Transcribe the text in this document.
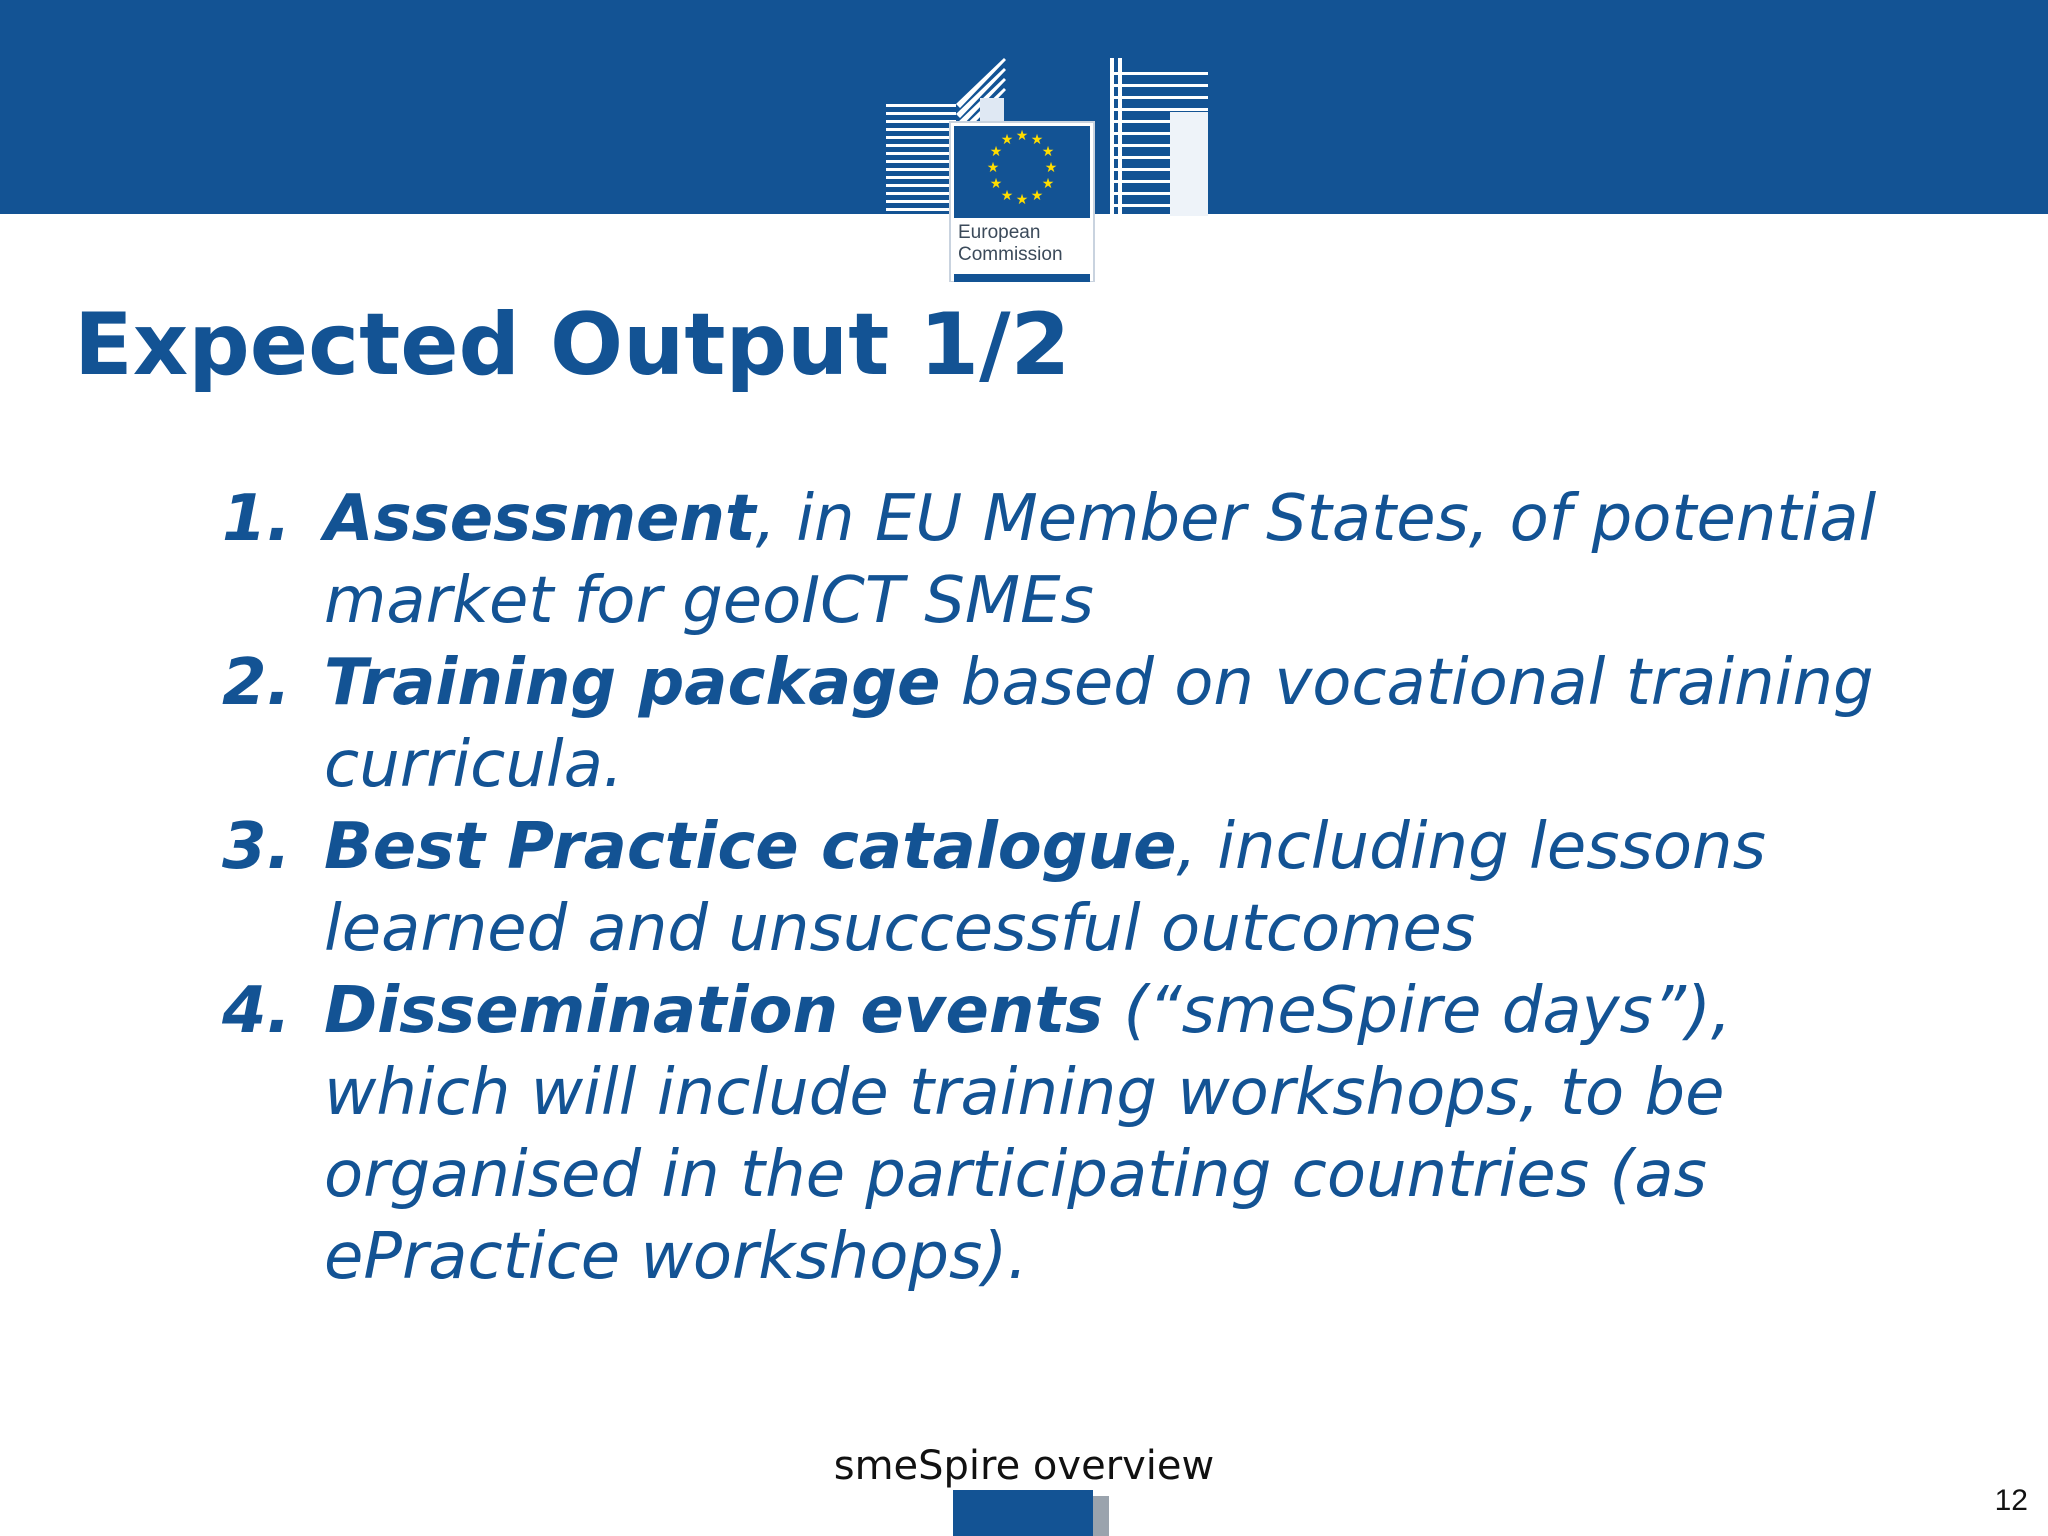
★ ★
★
★
★
★
★
★
★
★
★
★
European
Commission
Expected Output 1/2
1. Assessment, in EU Member States, of potential market for geoICT SMEs
2. Training package based on vocational training curricula.
3. Best Practice catalogue, including lessons learned and unsuccessful outcomes
4. Dissemination events (“smeSpire days”), which will include training workshops, to be organised in the participating countries (as ePractice workshops).
smeSpire overview
12
